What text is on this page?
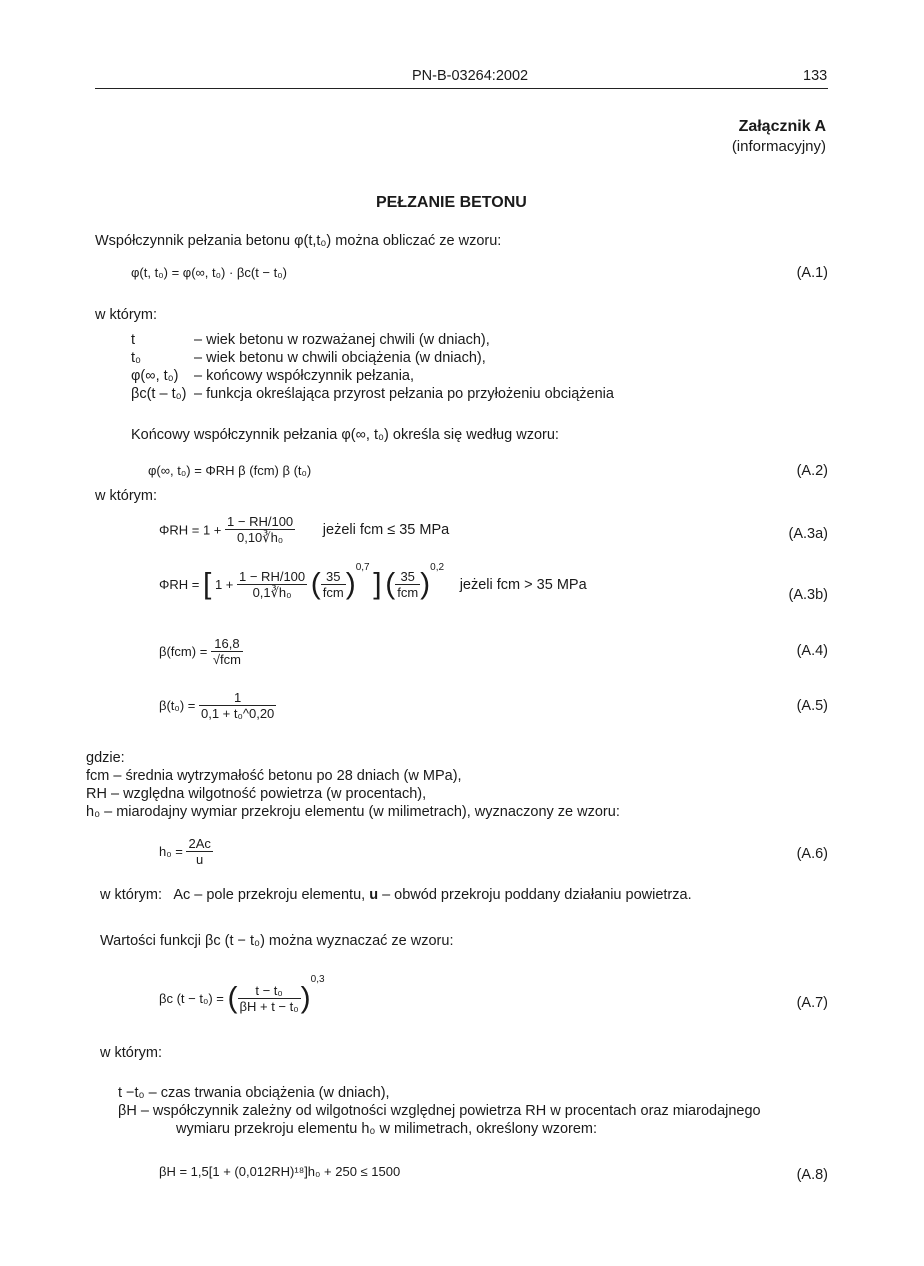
PN-B-03264:2002	133
Załącznik A
(informacyjny)
PEŁZANIE BETONU
Współczynnik pełzania betonu φ(t,t₀) można obliczać ze wzoru:
φ(t, t₀) = φ(∞, t₀) · βc(t − t₀)	(A.1)
w którym:
t	– wiek betonu w rozważanej chwili (w dniach),
t₀	– wiek betonu w chwili obciążenia (w dniach),
φ(∞, t₀)	– końcowy współczynnik pełzania,
βc(t – t₀) – funkcja określająca przyrost pełzania po przyłożeniu obciążenia
Końcowy współczynnik pełzania φ(∞, t₀) określa się według wzoru:
φ(∞, t₀) = ΦRH β (fcm) β (t₀)	(A.2)
w którym:
$\Phi RH = 1 + \frac{1 - RH/100}{\text{0,10∛h₀}}$ jeżeli fcm ≤ 35 MPa	(A.3a)
ΦRH = [ $1 + \frac{1 - RH/100}{\text{0,1∛h₀}}$ ( $\frac{35}{\text{fcm}} )^{0,7}$ ] ( $\frac{35}{\text{fcm}} )^{0,2}$ jeżeli fcm > 35 MPa
(A.3b)
$\beta(fcm) = \frac{16,8}{\text{√fcm}}$	(A.4)
$\beta(t_0) = \frac{1}{\text{0,1 + t₀\textasciicircum{}0,20}}$	(A.5)
gdzie:
fcm – średnia wytrzymałość betonu po 28 dniach (w MPa),
RH – względna wilgotność powietrza (w procentach),
h₀ – miarodajny wymiar przekroju elementu (w milimetrach), wyznaczony ze wzoru:
$h_0 = \frac{2Ac}{u}$	(A.6)
w którym: Ac – pole przekroju elementu, u – obwód przekroju poddany działaniu powietrza.
Wartości funkcji βc (t − t₀) można wyznaczać ze wzoru:
βc (t − t₀) = ( $\frac{\text{t − t₀}}{\text{βH + t − t₀}} )^{0,3}$
(A.7)
w którym:
t −t₀ – czas trwania obciążenia (w dniach),
βH – współczynnik zależny od wilgotności względnej powietrza RH w procentach oraz miarodajnego
wymiaru przekroju elementu h₀ w milimetrach, określony wzorem:
βH = 1,5[1 + (0,012RH)¹⁸]h₀ + 250 ≤ 1500	(A.8)
